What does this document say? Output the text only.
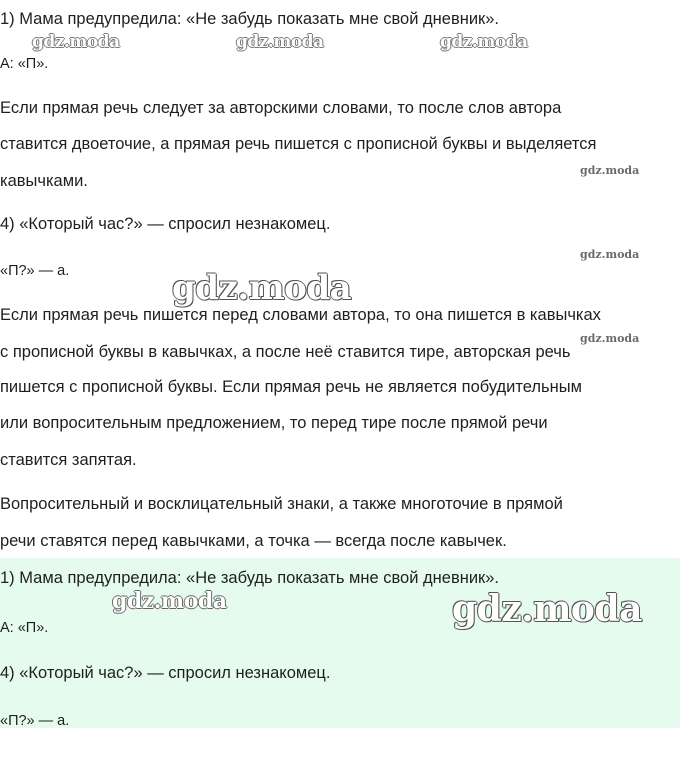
1) Мама предупредила: «Не забудь показать мне свой дневник».

А: «П».

Если прямая речь следует за авторскими словами, то после слов автора

ставится двоеточие, а прямая речь пишется с прописной буквы и выделяется

кавычками.

4) «Который час?» — спросил незнакомец.

«П?» — а.

Если прямая речь пишется перед словами автора, то она пишется в кавычках

с прописной буквы в кавычках, а после неё ставится тире, авторская речь

пишется с прописной буквы. Если прямая речь не является побудительным

или вопросительным предложением, то перед тире после прямой речи

ставится запятая.

Вопросительный и восклицательный знаки, а также многоточие в прямой

речи ставятся перед кавычками, а точка — всегда после кавычек.

1) Мама предупредила: «Не забудь показать мне свой дневник».

А: «П».

4) «Который час?» — спросил незнакомец.

«П?» — а.

gdz.moda	gdz.moda	gdz.moda
gdz.moda
gdz.moda
gdz.moda
gdz.moda
gdz.moda	gdz.moda
